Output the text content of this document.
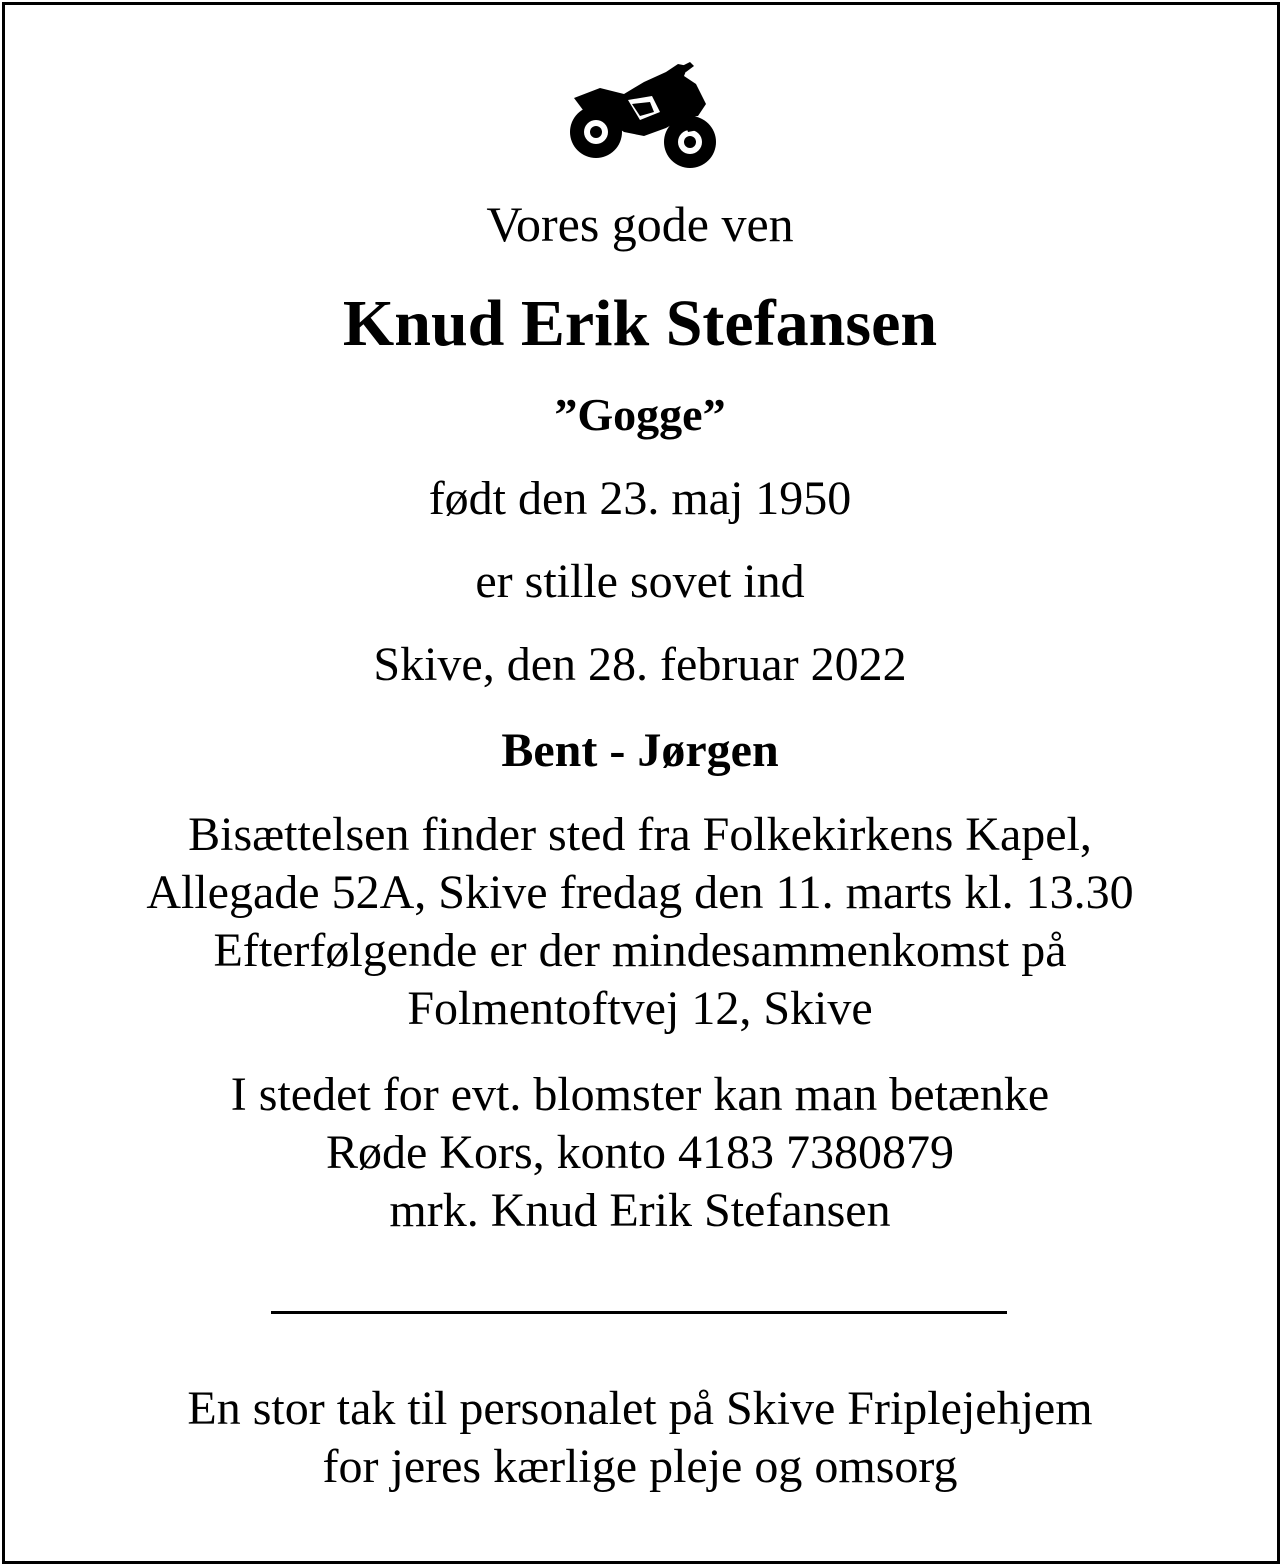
Vores gode ven
Knud Erik Stefansen
”Gogge”
født den 23. maj 1950
er stille sovet ind
Skive, den 28. februar 2022
Bent - Jørgen
Bisættelsen finder sted fra Folkekirkens Kapel,
Allegade 52A, Skive fredag den 11. marts kl. 13.30
Efterfølgende er der mindesammenkomst på
Folmentoftvej 12, Skive
I stedet for evt. blomster kan man betænke
Røde Kors, konto 4183 7380879
mrk. Knud Erik Stefansen
En stor tak til personalet på Skive Friplejehjem
for jeres kærlige pleje og omsorg
